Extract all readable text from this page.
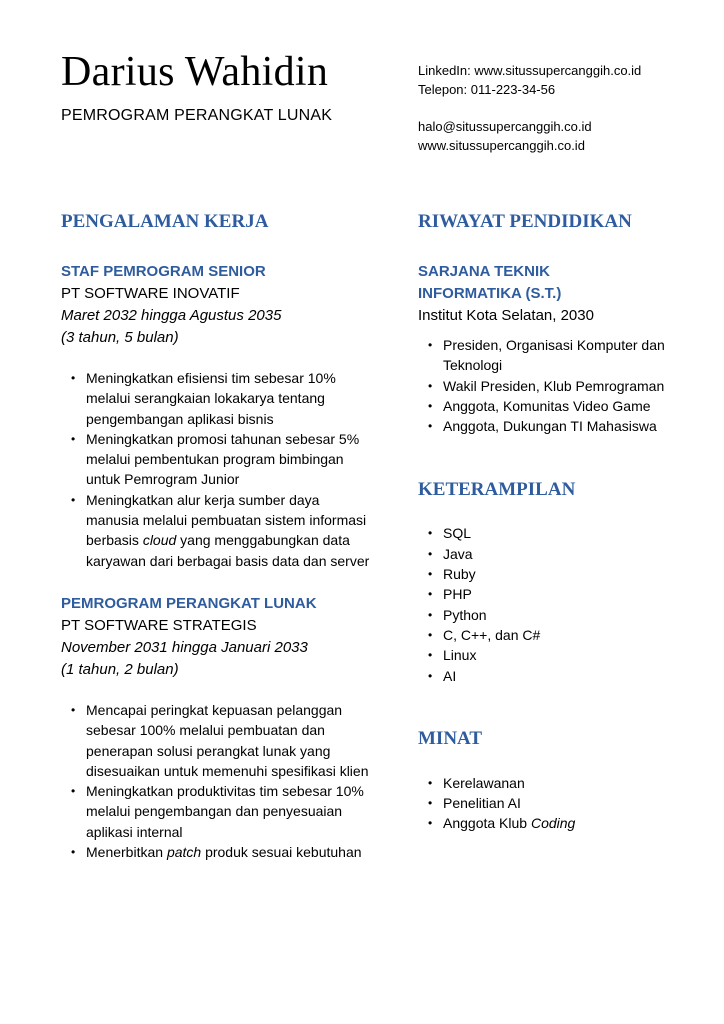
Darius Wahidin
PEMROGRAM PERANGKAT LUNAK
LinkedIn: www.situssupercanggih.co.id
Telepon: 011-223-34-56
halo@situssupercanggih.co.id
www.situssupercanggih.co.id
PENGALAMAN KERJA
STAF PEMROGRAM SENIOR
PT SOFTWARE INOVATIF
Maret 2032 hingga Agustus 2035
(3 tahun, 5 bulan)
• Meningkatkan efisiensi tim sebesar 10% melalui serangkaian lokakarya tentang pengembangan aplikasi bisnis
• Meningkatkan promosi tahunan sebesar 5% melalui pembentukan program bimbingan untuk Pemrogram Junior
• Meningkatkan alur kerja sumber daya manusia melalui pembuatan sistem informasi berbasis cloud yang menggabungkan data karyawan dari berbagai basis data dan server
PEMROGRAM PERANGKAT LUNAK
PT SOFTWARE STRATEGIS
November 2031 hingga Januari 2033
(1 tahun, 2 bulan)
• Mencapai peringkat kepuasan pelanggan sebesar 100% melalui pembuatan dan penerapan solusi perangkat lunak yang disesuaikan untuk memenuhi spesifikasi klien
• Meningkatkan produktivitas tim sebesar 10% melalui pengembangan dan penyesuaian aplikasi internal
• Menerbitkan patch produk sesuai kebutuhan
RIWAYAT PENDIDIKAN
SARJANA TEKNIK
INFORMATIKA (S.T.)
Institut Kota Selatan, 2030
• Presiden, Organisasi Komputer dan Teknologi
• Wakil Presiden, Klub Pemrograman
• Anggota, Komunitas Video Game
• Anggota, Dukungan TI Mahasiswa
KETERAMPILAN
• SQL
• Java
• Ruby
• PHP
• Python
• C, C++, dan C#
• Linux
• AI
MINAT
• Kerelawanan
• Penelitian AI
• Anggota Klub Coding
